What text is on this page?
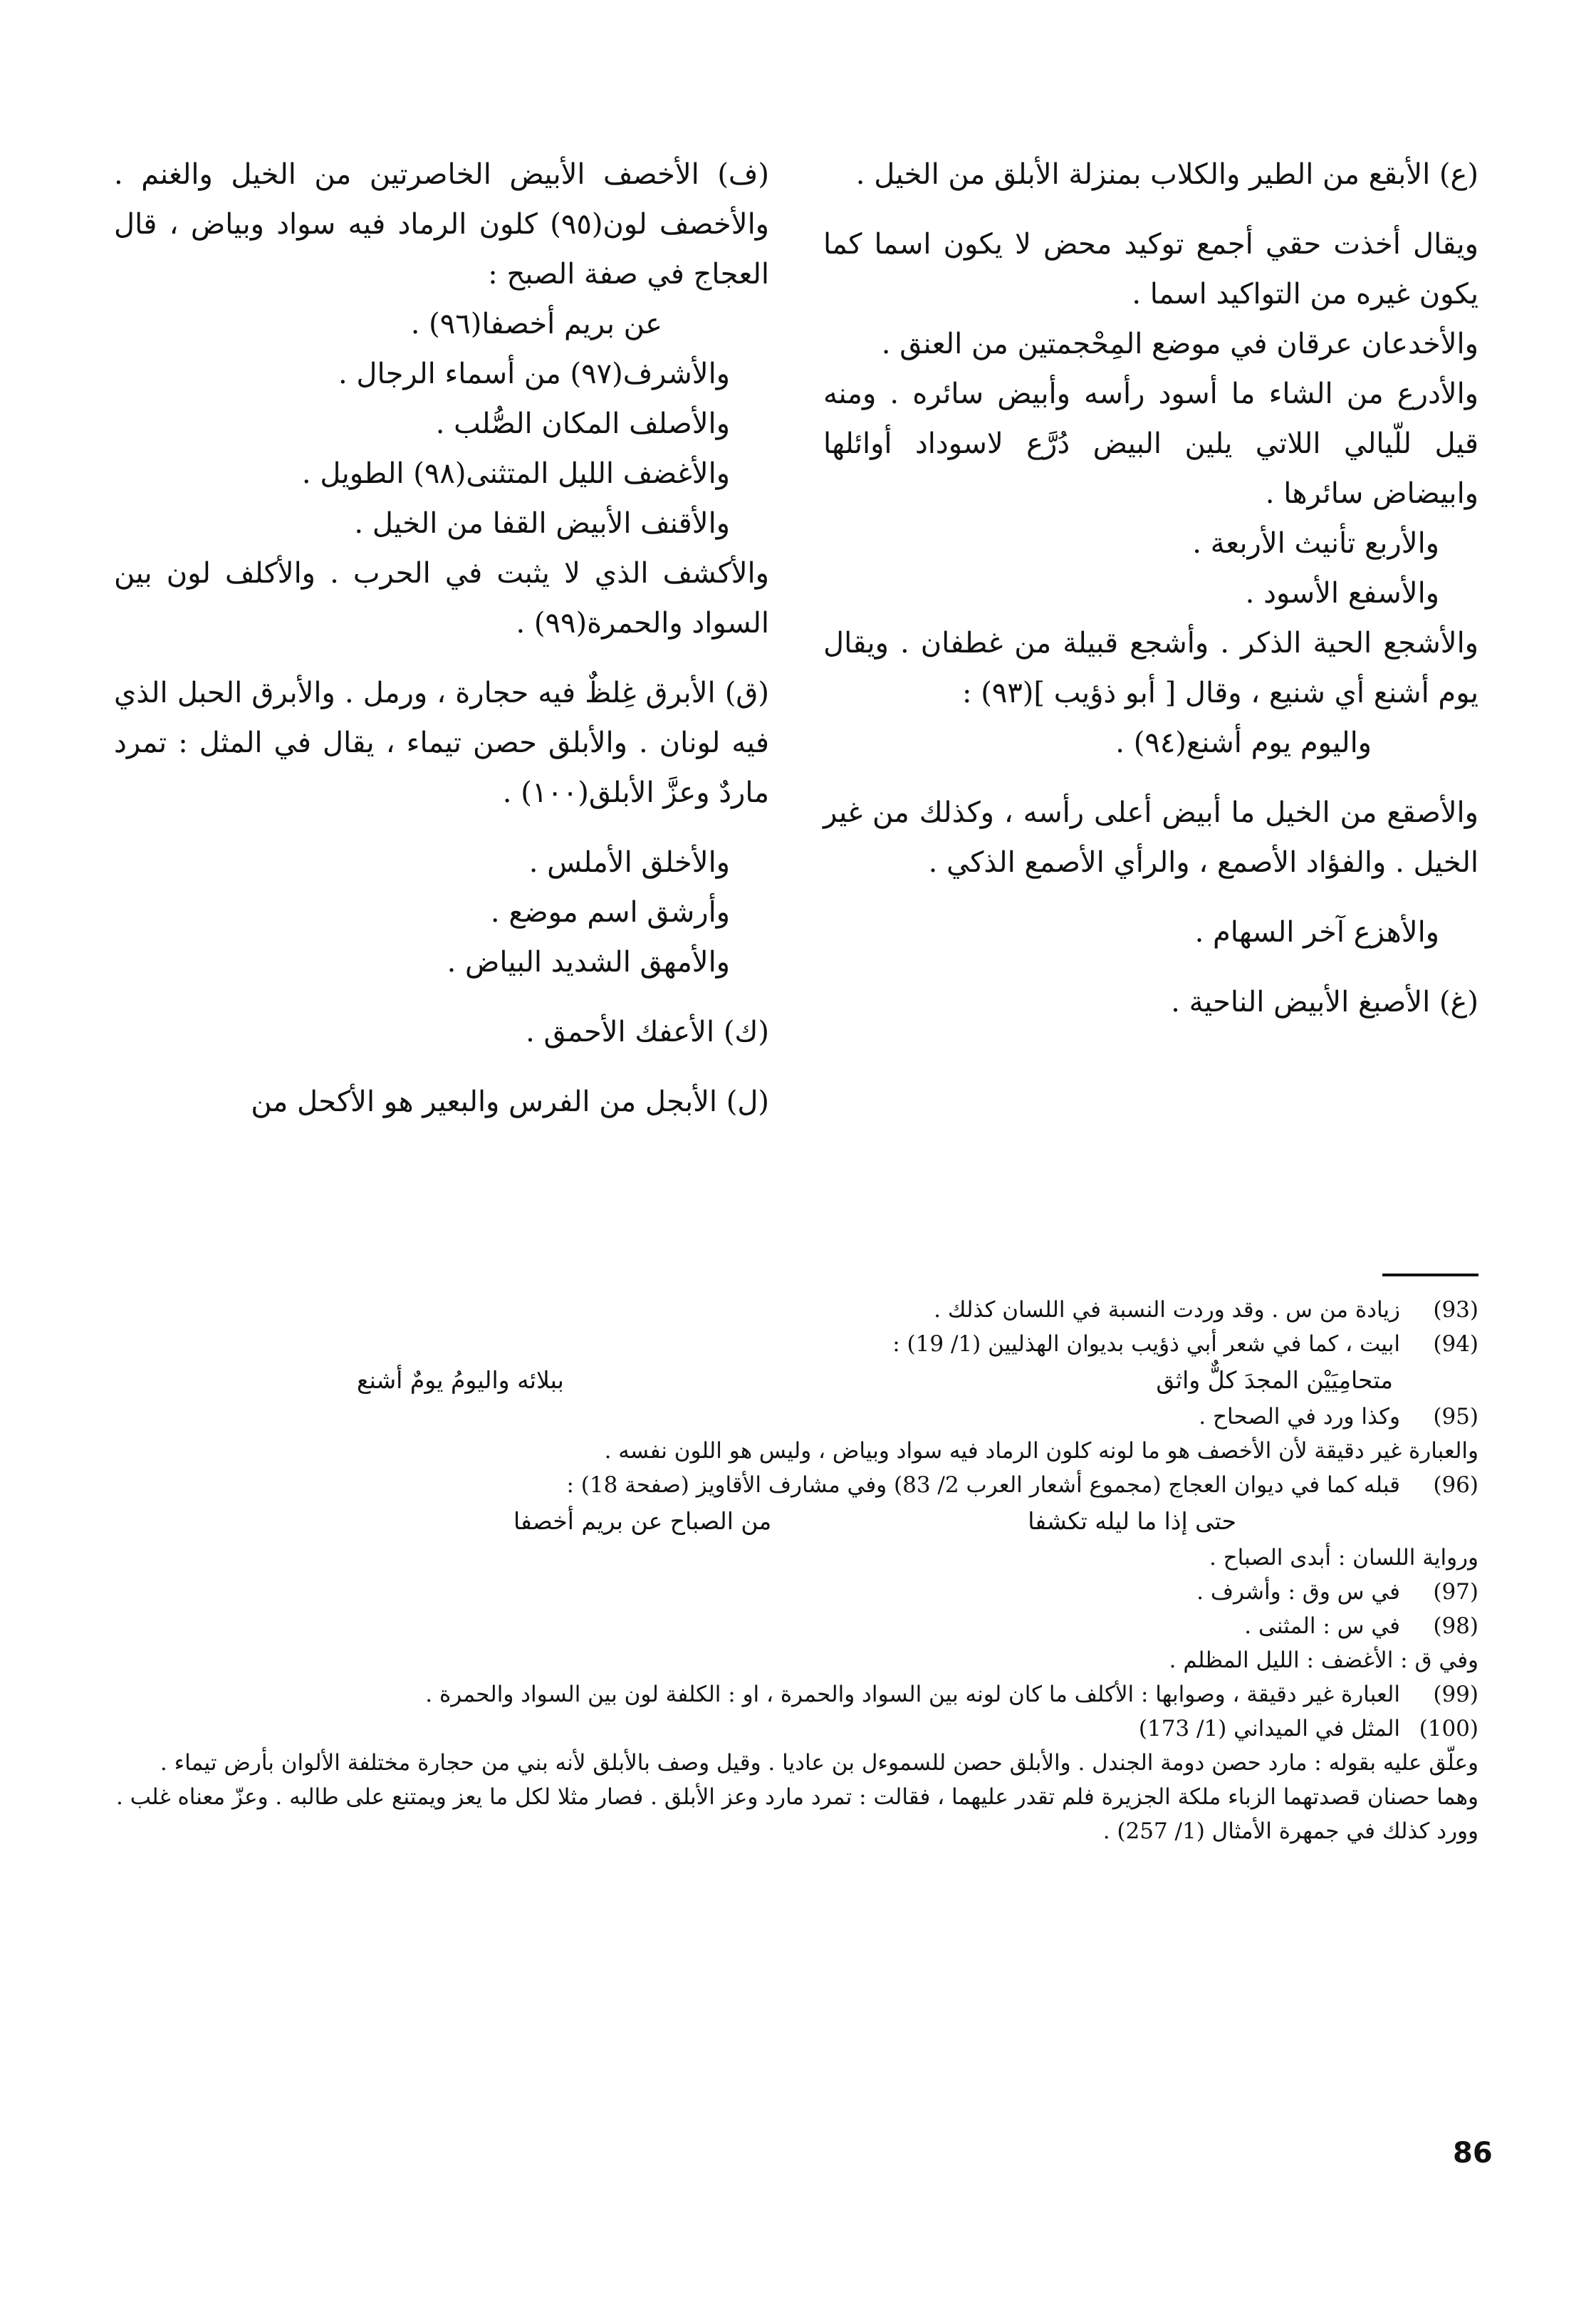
(ع) الأبقع من الطير والكلاب بمنزلة الأبلق من الخيل .

ويقال أخذت حقي أجمع توكيد محض لا يكون اسما كما يكون غيره من التواكيد اسما .

والأخدعان عرقان في موضع المِحْجمتين من العنق .

والأدرع من الشاء ما أسود رأسه وأبيض سائره . ومنه قيل للّيالي اللاتي يلين البيض دُرَّع لاسوداد أوائلها وابيضاض سائرها .

والأربع تأنيث الأربعة .

والأسفع الأسود .

والأشجع الحية الذكر . وأشجع قبيلة من غطفان . ويقال يوم أشنع أي شنيع ، وقال [ أبو ذؤيب ](٩٣) :

واليوم يوم أشنع(٩٤) .

والأصقع من الخيل ما أبيض أعلى رأسه ، وكذلك من غير الخيل . والفؤاد الأصمع ، والرأي الأصمع الذكي .

والأهزع آخر السهام .

(غ) الأصبغ الأبيض الناحية .

(ف) الأخصف الأبيض الخاصرتين من الخيل والغنم . والأخصف لون(٩٥) كلون الرماد فيه سواد وبياض ، قال العجاج في صفة الصبح :

عن بريم أخصفا(٩٦) .

والأشرف(٩٧) من أسماء الرجال .

والأصلف المكان الصُّلب .

والأغضف الليل المتثنى(٩٨) الطويل .

والأقنف الأبيض القفا من الخيل .

والأكشف الذي لا يثبت في الحرب . والأكلف لون بين السواد والحمرة(٩٩) .

(ق) الأبرق غِلظٌ فيه حجارة ، ورمل . والأبرق الحبل الذي فيه لونان . والأبلق حصن تيماء ، يقال في المثل : تمرد ماردٌ وعزَّ الأبلق(١٠٠) .

والأخلق الأملس .

وأرشق اسم موضع .

والأمهق الشديد البياض .

(ك) الأعفك الأحمق .

(ل) الأبجل من الفرس والبعير هو الأكحل من

(93)
زيادة من س . وقد وردت النسبة في اللسان كذلك .

(94)
ابيت ، كما في شعر أبي ذؤيب بديوان الهذليين (1/ 19) :

متحامِيَيْن المجدَ كلٌّ واثق
ببلائه واليومُ يومٌ أشنع

(95)
وكذا ورد في الصحاح .

والعبارة غير دقيقة لأن الأخصف هو ما لونه كلون الرماد فيه سواد وبياض ، وليس هو اللون نفسه .

(96)
قبله كما في ديوان العجاج (مجموع أشعار العرب 2/ 83) وفي مشارف الأقاويز (صفحة 18) :

حتى إذا ما ليله تكشفا
من الصباح عن بريم أخصفا

ورواية اللسان : أبدى الصباح .

(97)
في س وق : وأشرف .

(98)
في س : المثنى .

وفي ق : الأغضف : الليل المظلم .

(99)
العبارة غير دقيقة ، وصوابها : الأكلف ما كان لونه بين السواد والحمرة ، او : الكلفة لون بين السواد والحمرة .

(100)
المثل في الميداني (1/ 173)

وعلّق عليه بقوله : مارد حصن دومة الجندل . والأبلق حصن للسموءل بن عاديا . وقيل وصف بالأبلق لأنه بني من حجارة مختلفة الألوان بأرض تيماء . وهما حصنان قصدتهما الزباء ملكة الجزيرة فلم تقدر عليهما ، فقالت : تمرد مارد وعز الأبلق . فصار مثلا لكل ما يعز ويمتنع على طالبه . وعزّ معناه غلب . وورد كذلك في جمهرة الأمثال (1/ 257) .

86
